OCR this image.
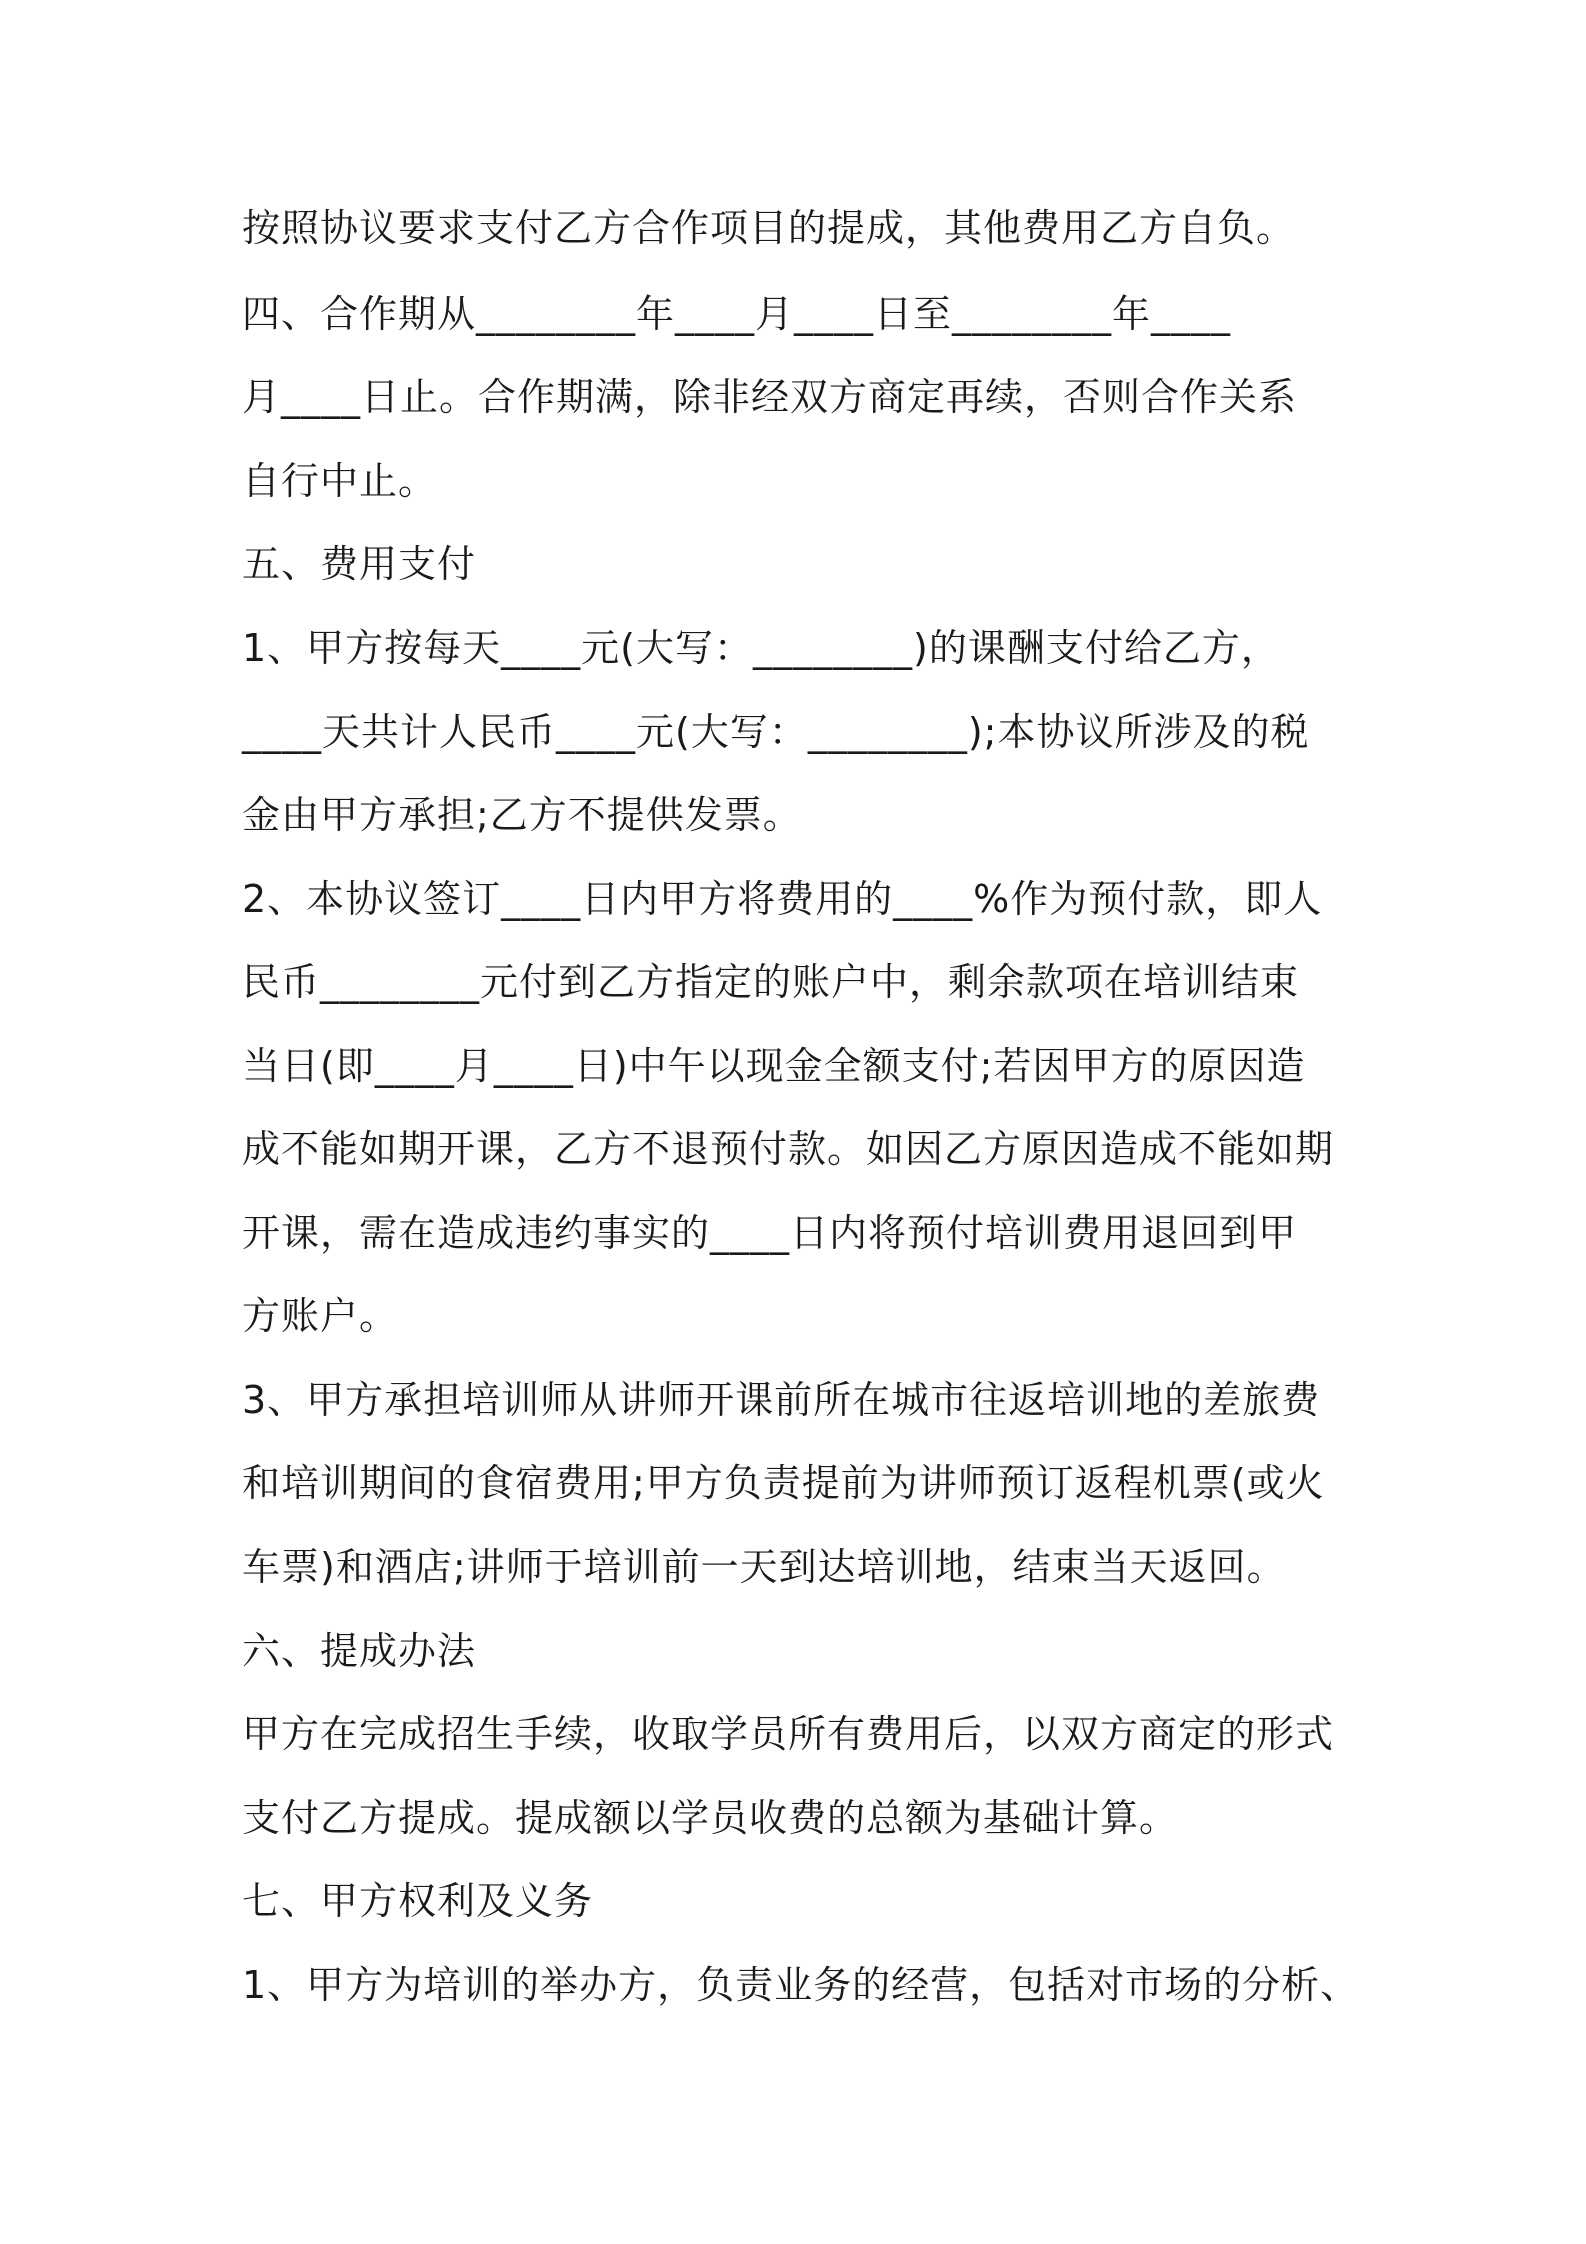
按照协议要求支付乙方合作项目的提成，其他费用乙方自负。
四、合作期从________年____月____日至________年____
月____日止。合作期满，除非经双方商定再续，否则合作关系
自行中止。
五、费用支付
1、甲方按每天____元(大写：________)的课酬支付给乙方，
____天共计人民币____元(大写：________);本协议所涉及的税
金由甲方承担;乙方不提供发票。
2、本协议签订____日内甲方将费用的____%作为预付款，即人
民币________元付到乙方指定的账户中，剩余款项在培训结束
当日(即____月____日)中午以现金全额支付;若因甲方的原因造
成不能如期开课，乙方不退预付款。如因乙方原因造成不能如期
开课，需在造成违约事实的____日内将预付培训费用退回到甲
方账户。
3、甲方承担培训师从讲师开课前所在城市往返培训地的差旅费
和培训期间的食宿费用;甲方负责提前为讲师预订返程机票(或火
车票)和酒店;讲师于培训前一天到达培训地，结束当天返回。
六、提成办法
甲方在完成招生手续，收取学员所有费用后，以双方商定的形式
支付乙方提成。提成额以学员收费的总额为基础计算。
七、甲方权利及义务
1、甲方为培训的举办方，负责业务的经营，包括对市场的分析、
